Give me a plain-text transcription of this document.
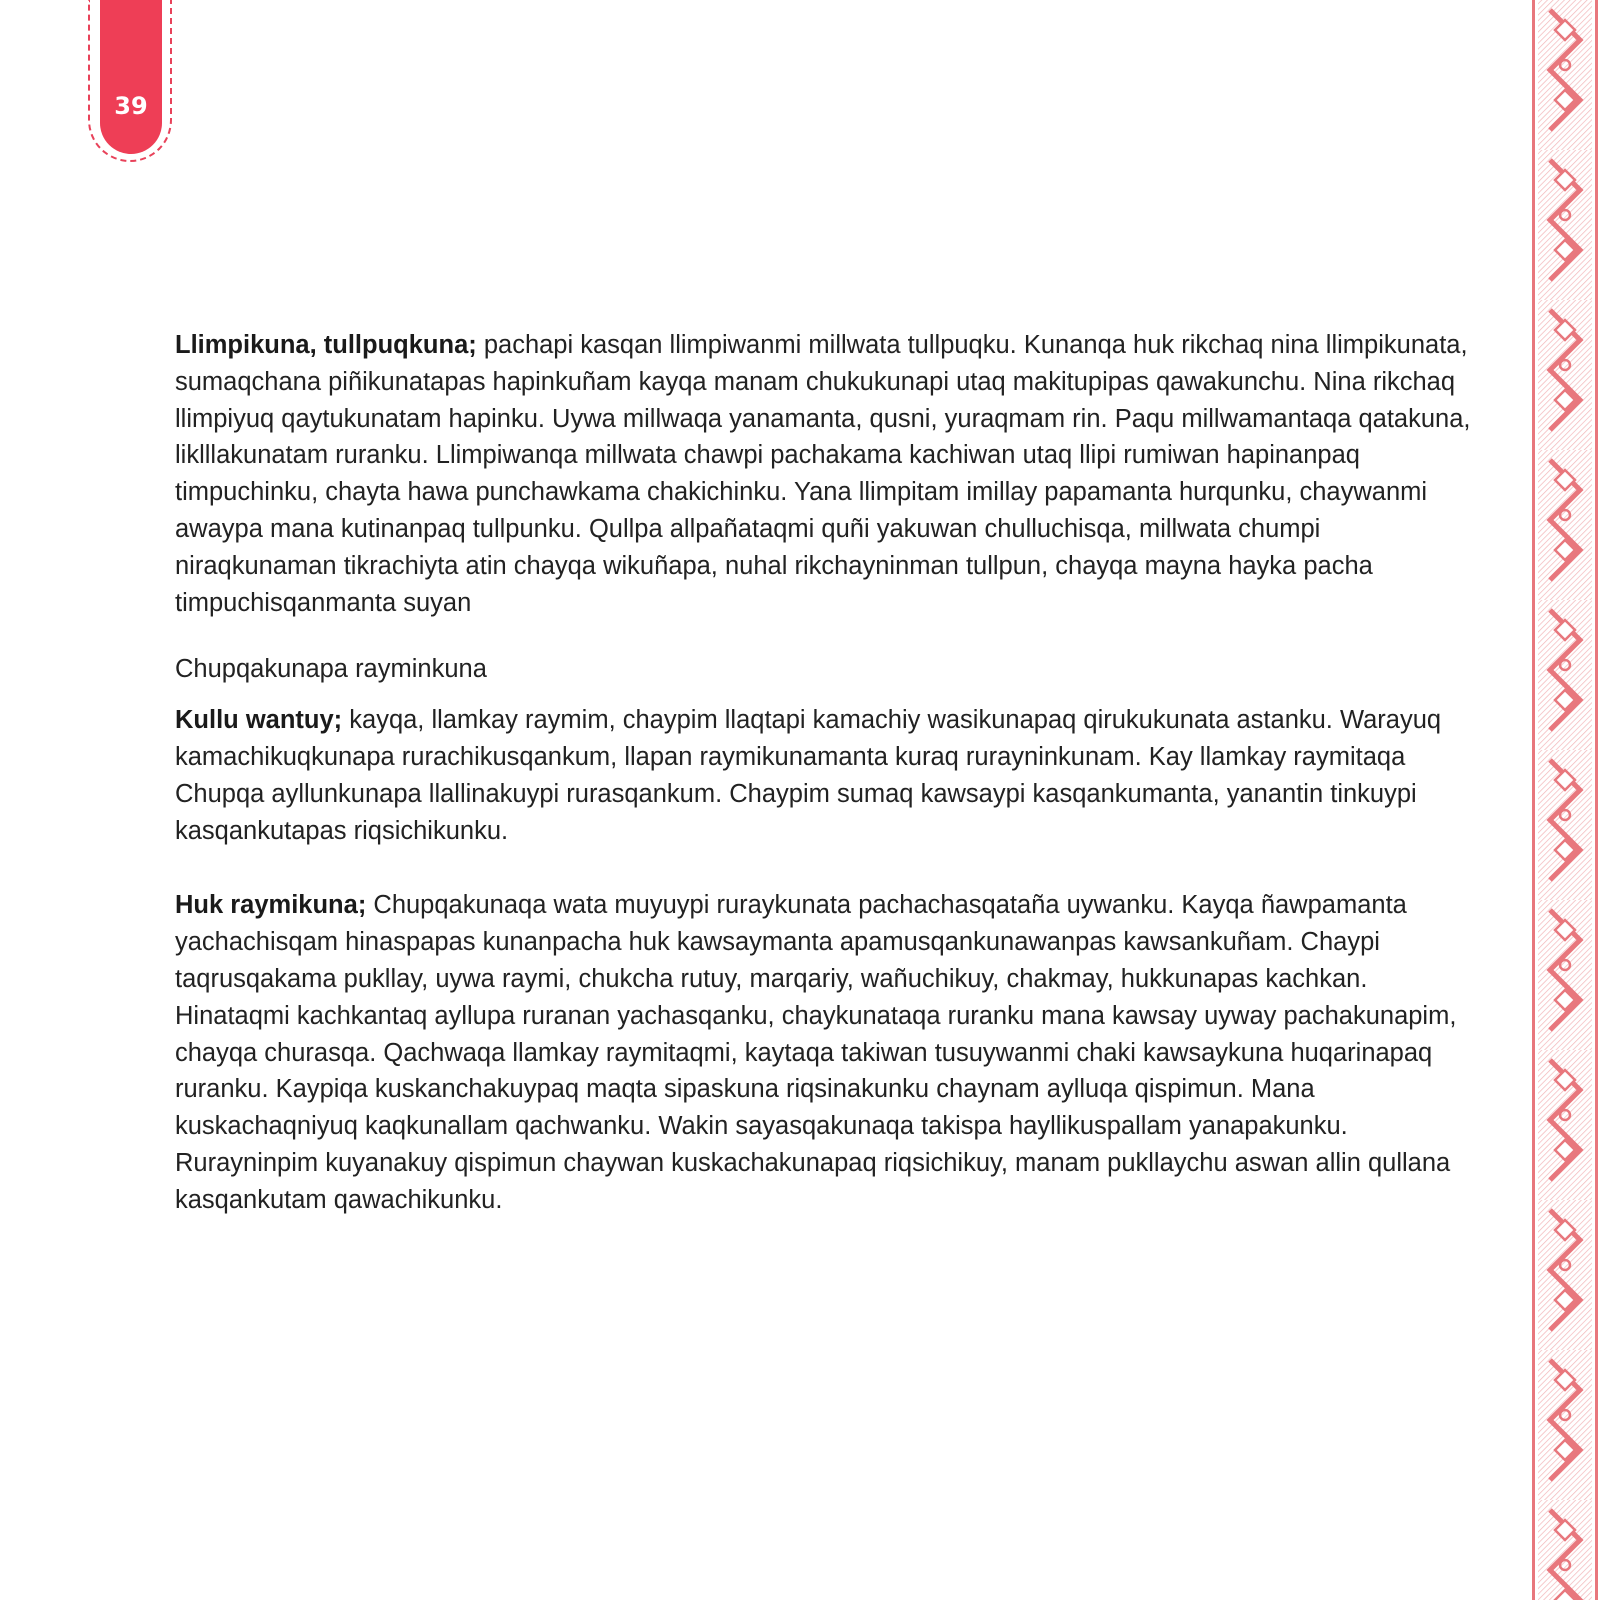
39

Llimpikuna, tullpuqkuna; pachapi kasqan llimpiwanmi millwata tullpuqku. Kunanqa huk rikchaq nina llimpikunata, sumaqchana piñikunatapas hapinkuñam kayqa manam chukukunapi utaq makitupipas qawakunchu. Nina rikchaq llimpiyuq qaytukunatam hapinku. Uywa millwaqa yanamanta, qusni, yuraqmam rin. Paqu millwamantaqa qatakuna, liklllakunatam ruranku. Llimpiwanqa millwata chawpi pachakama kachiwan utaq llipi rumiwan hapinanpaq timpuchinku, chayta hawa punchawkama chakichinku. Yana llimpitam imillay papamanta hurqunku, chaywanmi awaypa mana kutinanpaq tullpunku. Qullpa allpañataqmi quñi yakuwan chulluchisqa, millwata chumpi niraqkunaman tikrachiyta atin chayqa wikuñapa, nuhal rikchayninman tullpun, chayqa mayna hayka pacha timpuchisqanmanta suyan

Chupqakunapa rayminkuna

Kullu wantuy; kayqa, llamkay raymim, chaypim llaqtapi kamachiy wasikunapaq qirukukunata astanku. Warayuq kamachikuqkunapa rurachikusqankum, llapan raymikunamanta kuraq rurayninkunam. Kay llamkay raymitaqa Chupqa ayllunkunapa llallinakuypi rurasqankum. Chaypim sumaq kawsaypi kasqankumanta, yanantin tinkuypi kasqankutapas riqsichikunku.

Huk raymikuna; Chupqakunaqa wata muyuypi ruraykunata pachachasqataña uywanku. Kayqa ñawpamanta yachachisqam hinaspapas kunanpacha huk kawsaymanta apamusqankunawanpas kawsankuñam. Chaypi taqrusqakama pukllay, uywa raymi, chukcha rutuy, marqariy, wañuchikuy, chakmay, hukkunapas kachkan. Hinataqmi kachkantaq ayllupa ruranan yachasqanku, chaykunataqa ruranku mana kawsay uyway pachakunapim, chayqa churasqa. Qachwaqa llamkay raymitaqmi, kaytaqa takiwan tusuywanmi chaki kawsaykuna huqarinapaq ruranku. Kaypiqa kuskanchakuypaq maqta sipaskuna riqsinakunku chaynam aylluqa qispimun. Mana kuskachaqniyuq kaqkunallam qachwanku. Wakin sayasqakunaqa takispa hayllikuspallam yanapakunku. Rurayninpim kuyanakuy qispimun chaywan kuskachakunapaq riqsichikuy, manam pukllaychu aswan allin qullana kasqankutam qawachikunku.
